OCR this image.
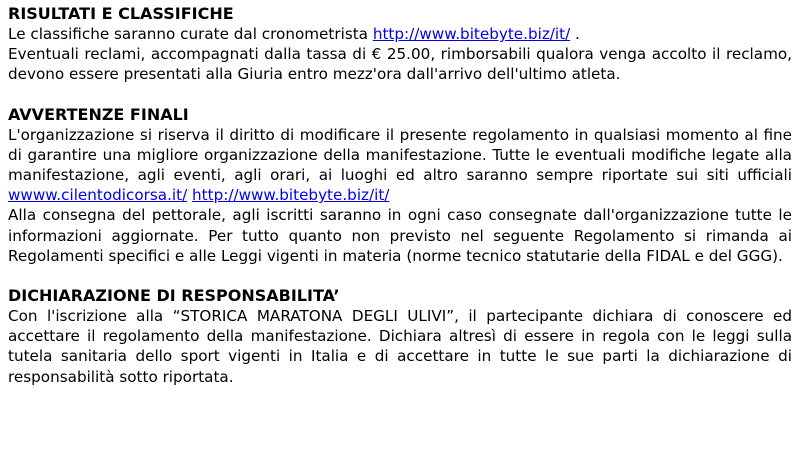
RISULTATI E CLASSIFICHE

Le classifiche saranno curate dal cronometrista http://www.bitebyte.biz/it/ .

Eventuali reclami, accompagnati dalla tassa di € 25.00, rimborsabili qualora venga accolto il reclamo, devono essere presentati alla Giuria entro mezz'ora dall'arrivo dell'ultimo atleta.

AVVERTENZE FINALI

L'organizzazione si riserva il diritto di modificare il presente regolamento in qualsiasi momento al fine di garantire una migliore organizzazione della manifestazione. Tutte le eventuali modifiche legate alla manifestazione, agli eventi, agli orari, ai luoghi ed altro saranno sempre riportate sui siti ufficiali wwww.cilentodicorsa.it/ http://www.bitebyte.biz/it/

Alla consegna del pettorale, agli iscritti saranno in ogni caso consegnate dall'organizzazione tutte le informazioni aggiornate. Per tutto quanto non previsto nel seguente Regolamento si rimanda ai Regolamenti specifici e alle Leggi vigenti in materia (norme tecnico statutarie della FIDAL e del GGG).

DICHIARAZIONE DI RESPONSABILITA’

Con l'iscrizione alla “STORICA MARATONA DEGLI ULIVI”, il partecipante dichiara di conoscere ed accettare il regolamento della manifestazione. Dichiara altresì di essere in regola con le leggi sulla tutela sanitaria dello sport vigenti in Italia e di accettare in tutte le sue parti la dichiarazione di responsabilità sotto riportata.
